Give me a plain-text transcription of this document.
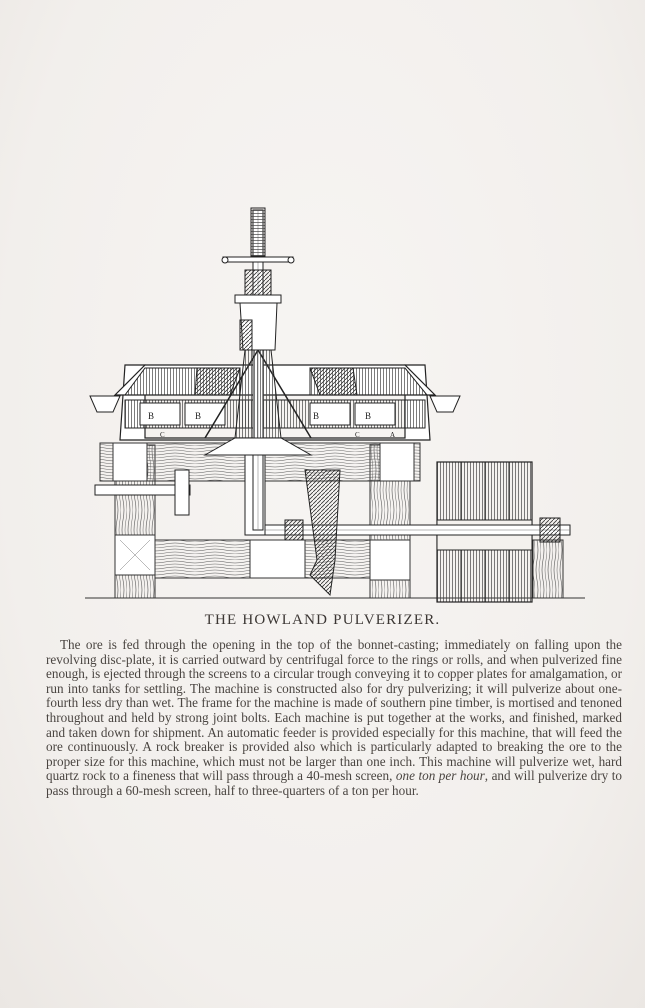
B	B	B	B
C	C	A
THE HOWLAND PULVERIZER.

The ore is fed through the opening in the top of the bonnet-casting; immediately on falling upon the revolving disc-plate, it is carried outward by centrifugal force to the rings or rolls, and when pulverized fine enough, is ejected through the screens to a circular trough conveying it to copper plates for amalgamation, or run into tanks for settling. The machine is constructed also for dry pulverizing; it will pulverize about one-fourth less dry than wet. The frame for the machine is made of southern pine timber, is mortised and tenoned throughout and held by strong joint bolts. Each machine is put together at the works, and finished, marked and taken down for shipment. An automatic feeder is provided especially for this machine, that will feed the ore continuously. A rock breaker is provided also which is particularly adapted to breaking the ore to the proper size for this machine, which must not be larger than one inch. This machine will pulverize wet, hard quartz rock to a fineness that will pass through a 40-mesh screen, one ton per hour, and will pulverize dry to pass through a 60-mesh screen, half to three-quarters of a ton per hour.
